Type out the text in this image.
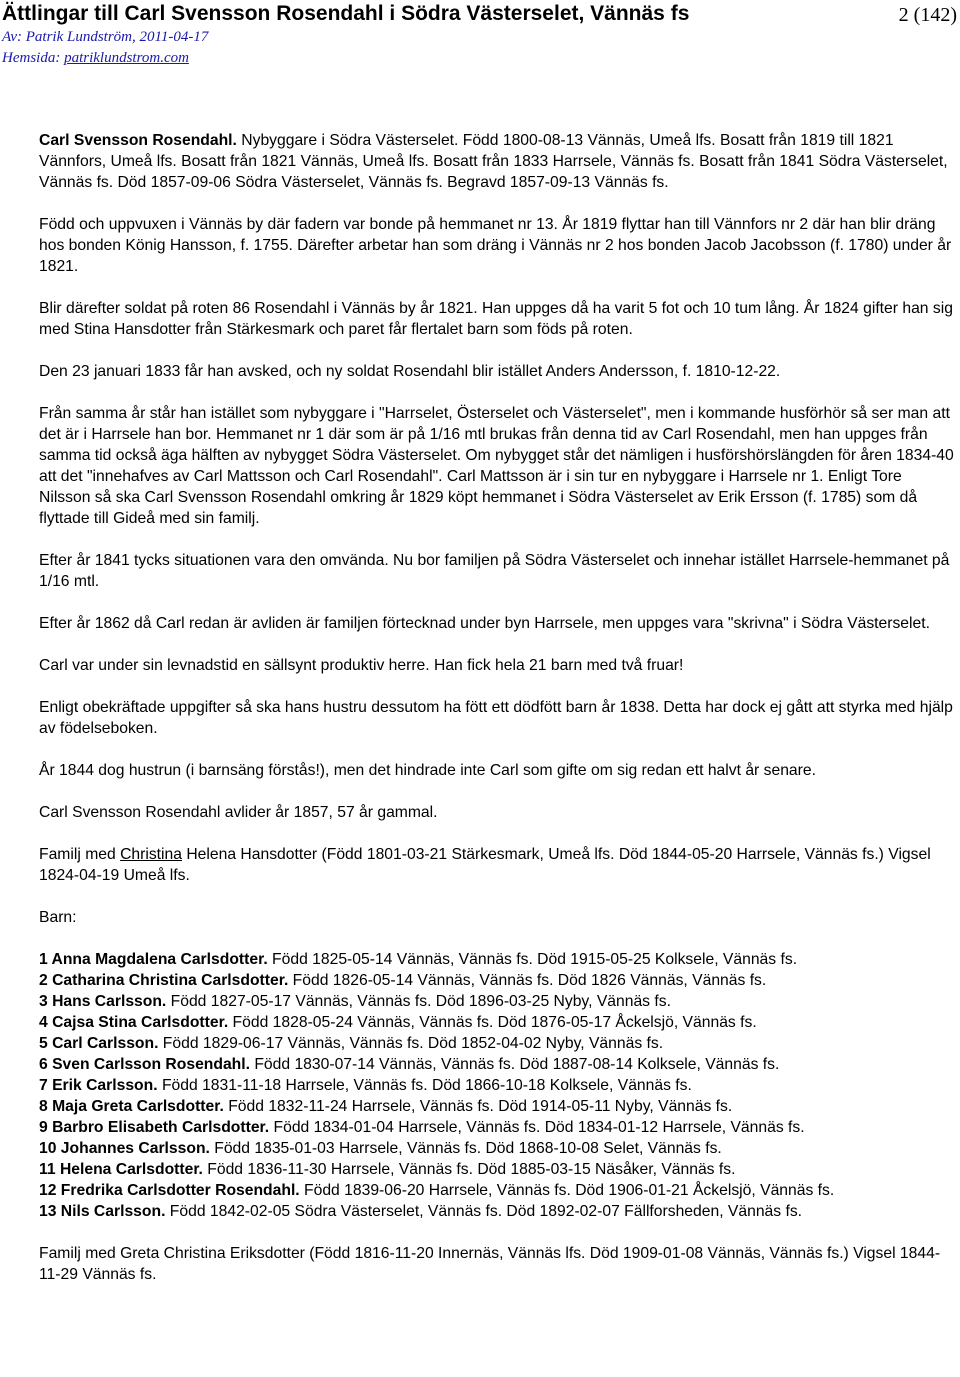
Ättlingar till Carl Svensson Rosendahl i Södra Västerselet, Vännäs fs	2 (142)
Av: Patrik Lundström, 2011-04-17
Hemsida: patriklundstrom.com

Carl Svensson Rosendahl. Nybyggare i Södra Västerselet. Född 1800-08-13 Vännäs, Umeå lfs. Bosatt från 1819 till 1821 Vännfors, Umeå lfs. Bosatt från 1821 Vännäs, Umeå lfs. Bosatt från 1833 Harrsele, Vännäs fs. Bosatt från 1841 Södra Västerselet, Vännäs fs. Död 1857-09-06 Södra Västerselet, Vännäs fs. Begravd 1857-09-13 Vännäs fs.

Född och uppvuxen i Vännäs by där fadern var bonde på hemmanet nr 13. År 1819 flyttar han till Vännfors nr 2 där han blir dräng hos bonden König Hansson, f. 1755. Därefter arbetar han som dräng i Vännäs nr 2 hos bonden Jacob Jacobsson (f. 1780) under år 1821.

Blir därefter soldat på roten 86 Rosendahl i Vännäs by år 1821. Han uppges då ha varit 5 fot och 10 tum lång. År 1824 gifter han sig med Stina Hansdotter från Stärkesmark och paret får flertalet barn som föds på roten.

Den 23 januari 1833 får han avsked, och ny soldat Rosendahl blir istället Anders Andersson, f. 1810-12-22.

Från samma år står han istället som nybyggare i "Harrselet, Österselet och Västerselet", men i kommande husförhör så ser man att det är i Harrsele han bor. Hemmanet nr 1 där som är på 1/16 mtl brukas från denna tid av Carl Rosendahl, men han uppges från samma tid också äga hälften av nybygget Södra Västerselet. Om nybygget står det nämligen i husförshörslängden för åren 1834-40 att det "innehafves av Carl Mattsson och Carl Rosendahl". Carl Mattsson är i sin tur en nybyggare i Harrsele nr 1. Enligt Tore Nilsson så ska Carl Svensson Rosendahl omkring år 1829 köpt hemmanet i Södra Västerselet av Erik Ersson (f. 1785) som då flyttade till Gideå med sin familj.

Efter år 1841 tycks situationen vara den omvända. Nu bor familjen på Södra Västerselet och innehar istället Harrsele-hemmanet på 1/16 mtl.

Efter år 1862 då Carl redan är avliden är familjen förtecknad under byn Harrsele, men uppges vara "skrivna" i Södra Västerselet.

Carl var under sin levnadstid en sällsynt produktiv herre. Han fick hela 21 barn med två fruar!

Enligt obekräftade uppgifter så ska hans hustru dessutom ha fött ett dödfött barn år 1838. Detta har dock ej gått att styrka med hjälp av födelseboken.

År 1844 dog hustrun (i barnsäng förstås!), men det hindrade inte Carl som gifte om sig redan ett halvt år senare.

Carl Svensson Rosendahl avlider år 1857, 57 år gammal.

Familj med Christina Helena Hansdotter (Född 1801-03-21 Stärkesmark, Umeå lfs. Död 1844-05-20 Harrsele, Vännäs fs.) Vigsel 1824-04-19 Umeå lfs.

Barn:

1 Anna Magdalena Carlsdotter. Född 1825-05-14 Vännäs, Vännäs fs. Död 1915-05-25 Kolksele, Vännäs fs.
2 Catharina Christina Carlsdotter. Född 1826-05-14 Vännäs, Vännäs fs. Död 1826 Vännäs, Vännäs fs.
3 Hans Carlsson. Född 1827-05-17 Vännäs, Vännäs fs. Död 1896-03-25 Nyby, Vännäs fs.
4 Cajsa Stina Carlsdotter. Född 1828-05-24 Vännäs, Vännäs fs. Död 1876-05-17 Åckelsjö, Vännäs fs.
5 Carl Carlsson. Född 1829-06-17 Vännäs, Vännäs fs. Död 1852-04-02 Nyby, Vännäs fs.
6 Sven Carlsson Rosendahl. Född 1830-07-14 Vännäs, Vännäs fs. Död 1887-08-14 Kolksele, Vännäs fs.
7 Erik Carlsson. Född 1831-11-18 Harrsele, Vännäs fs. Död 1866-10-18 Kolksele, Vännäs fs.
8 Maja Greta Carlsdotter. Född 1832-11-24 Harrsele, Vännäs fs. Död 1914-05-11 Nyby, Vännäs fs.
9 Barbro Elisabeth Carlsdotter. Född 1834-01-04 Harrsele, Vännäs fs. Död 1834-01-12 Harrsele, Vännäs fs.
10 Johannes Carlsson. Född 1835-01-03 Harrsele, Vännäs fs. Död 1868-10-08 Selet, Vännäs fs.
11 Helena Carlsdotter. Född 1836-11-30 Harrsele, Vännäs fs. Död 1885-03-15 Näsåker, Vännäs fs.
12 Fredrika Carlsdotter Rosendahl. Född 1839-06-20 Harrsele, Vännäs fs. Död 1906-01-21 Åckelsjö, Vännäs fs.
13 Nils Carlsson. Född 1842-02-05 Södra Västerselet, Vännäs fs. Död 1892-02-07 Fällforsheden, Vännäs fs.

Familj med Greta Christina Eriksdotter (Född 1816-11-20 Innernäs, Vännäs lfs. Död 1909-01-08 Vännäs, Vännäs fs.) Vigsel 1844-11-29 Vännäs fs.
